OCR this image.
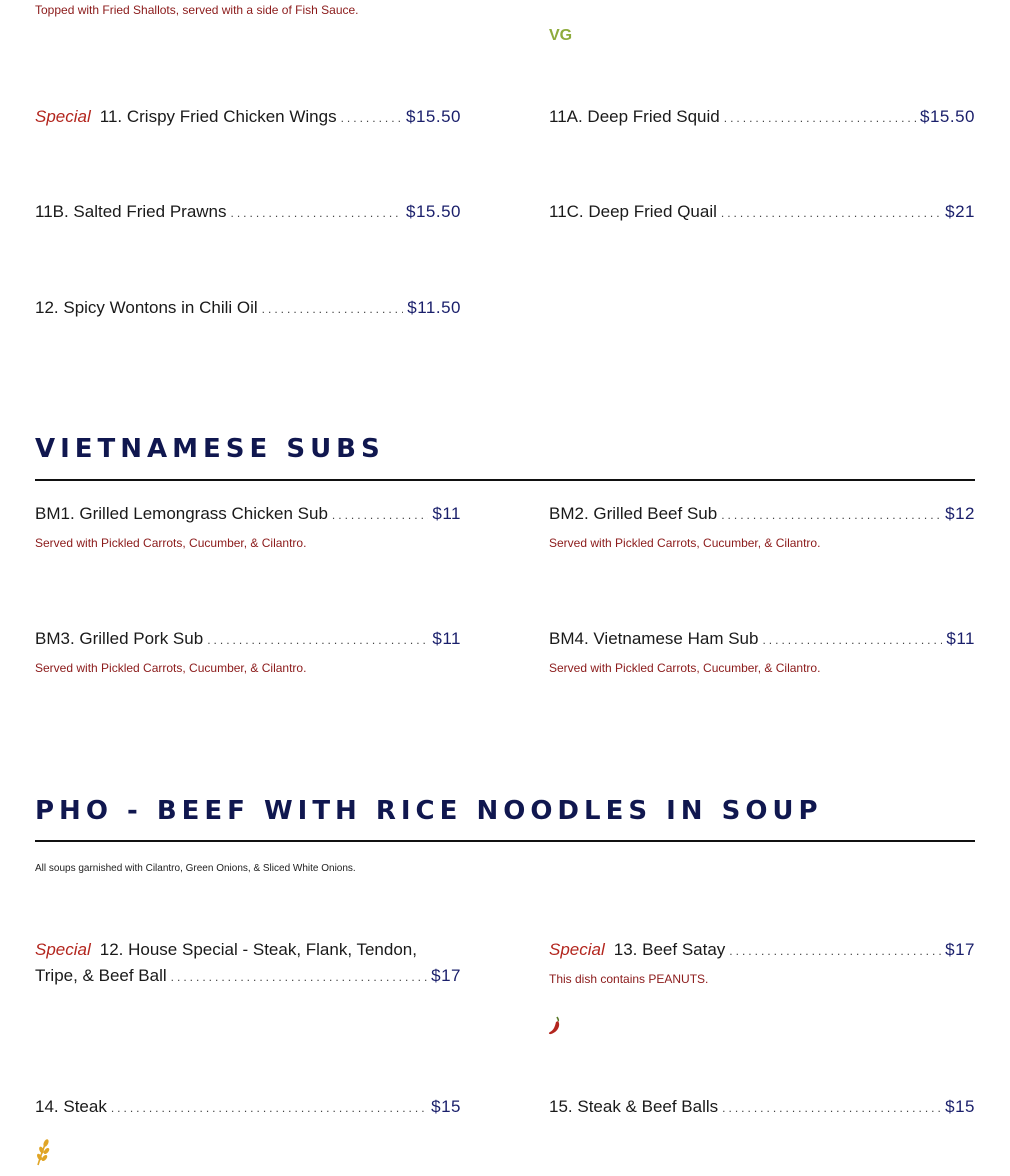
Topped with Fried Shallots, served with a side of Fish Sauce.
VG
Special 11. Crispy Fried Chicken Wings .....	$15.50	11A. Deep Fried Squid .....	$15.50
11B. Salted Fried Prawns .....	$15.50	11C. Deep Fried Quail .....	$21
12. Spicy Wontons in Chili Oil .....	$11.50
VIETNAMESE SUBS
BM1. Grilled Lemongrass Chicken Sub .....	$11
Served with Pickled Carrots, Cucumber, & Cilantro.
BM2. Grilled Beef Sub .....	$12
Served with Pickled Carrots, Cucumber, & Cilantro.
BM3. Grilled Pork Sub .....	$11
Served with Pickled Carrots, Cucumber, & Cilantro.
BM4. Vietnamese Ham Sub .....	$11
Served with Pickled Carrots, Cucumber, & Cilantro.
PHO - BEEF WITH RICE NOODLES IN SOUP
All soups garnished with Cilantro, Green Onions, & Sliced White Onions.
Special 12. House Special - Steak, Flank, Tendon,
Tripe, & Beef Ball .....	$17
Special 13. Beef Satay .....	$17
This dish contains PEANUTS.
14. Steak .....	$15	15. Steak & Beef Balls .....	$15
